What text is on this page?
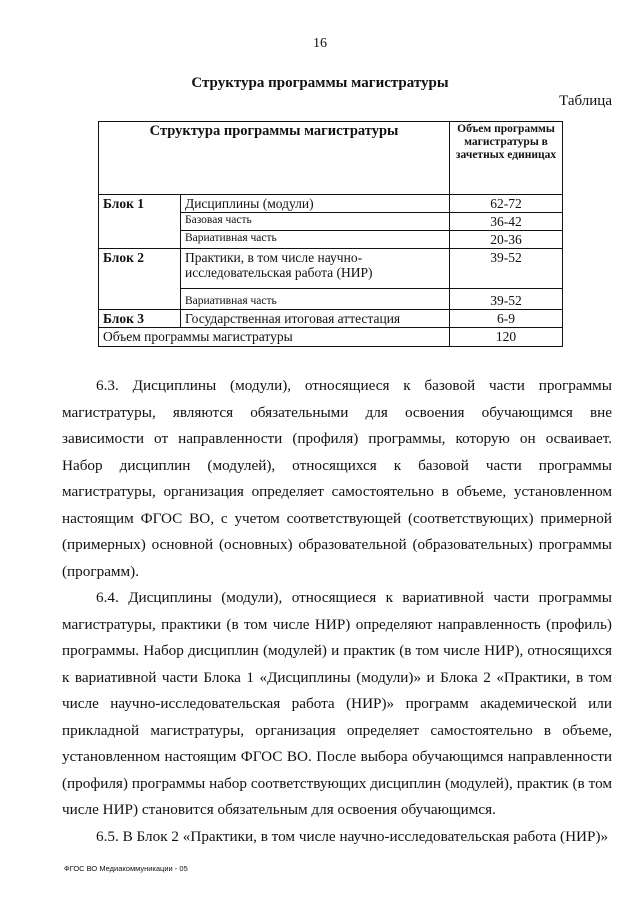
16
Структура программы магистратуры
Таблица
Структура программы магистратуры		Объем программы магистратуры в зачетных единицах
Блок 1	Дисциплины (модули)	62-72
	Базовая часть	36-42
	Вариативная часть	20-36
Блок 2	Практики, в том числе научно-исследовательская работа (НИР)	39-52
	Вариативная часть	39-52
Блок 3	Государственная итоговая аттестация	6-9
Объем программы магистратуры		120

6.3. Дисциплины (модули), относящиеся к базовой части программы магистратуры, являются обязательными для освоения обучающимся вне зависимости от направленности (профиля) программы, которую он осваивает. Набор дисциплин (модулей), относящихся к базовой части программы магистратуры, организация определяет самостоятельно в объеме, установленном настоящим ФГОС ВО, с учетом соответствующей (соответствующих) примерной (примерных) основной (основных) образовательной (образовательных) программы (программ).

6.4. Дисциплины (модули), относящиеся к вариативной части программы магистратуры, практики (в том числе НИР) определяют направленность (профиль) программы. Набор дисциплин (модулей) и практик (в том числе НИР), относящихся к вариативной части Блока 1 «Дисциплины (модули)» и Блока 2 «Практики, в том числе научно-исследовательская работа (НИР)» программ академической или прикладной магистратуры, организация определяет самостоятельно в объеме, установленном настоящим ФГОС ВО. После выбора обучающимся направленности (профиля) программы набор соответствующих дисциплин (модулей), практик (в том числе НИР) становится обязательным для освоения обучающимся.

6.5. В Блок 2 «Практики, в том числе научно-исследовательская работа (НИР)»

ФГОС ВО Медиакоммуникации - 05
